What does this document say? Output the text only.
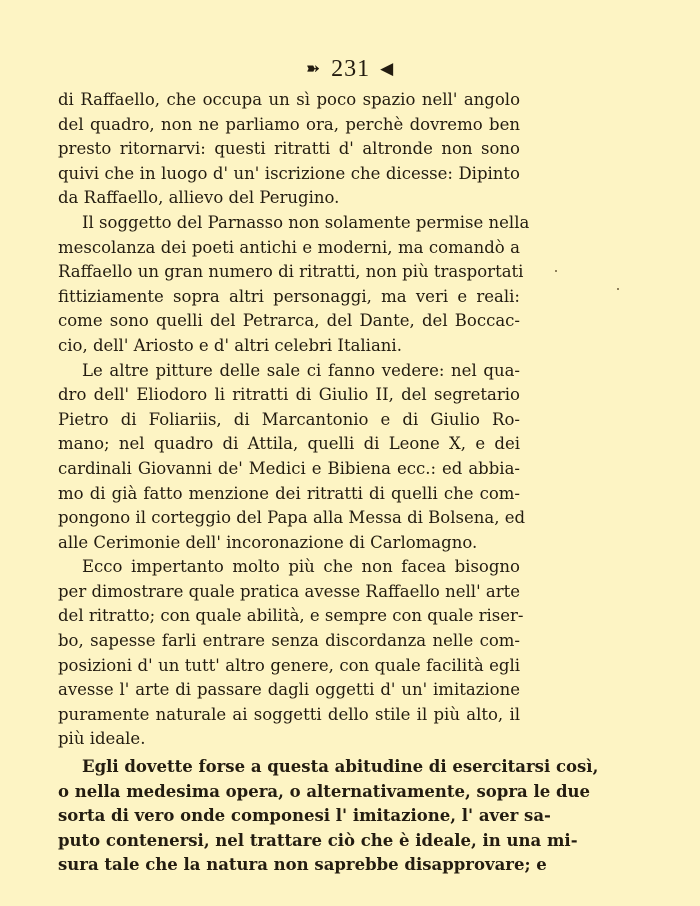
➽ 231 ◀
di Raffaello, che occupa un sì poco spazio nell' angolo
del quadro, non ne parliamo ora, perchè dovremo ben
presto ritornarvi: questi ritratti d' altronde non sono
quivi che in luogo d' un' iscrizione che dicesse: Dipinto
da Raffaello, allievo del Perugino.
Il soggetto del Parnasso non solamente permise nella
mescolanza dei poeti antichi e moderni, ma comandò a
Raffaello un gran numero di ritratti, non più trasportati
fittiziamente sopra altri personaggi, ma veri e reali:
come sono quelli del Petrarca, del Dante, del Boccac-
cio, dell' Ariosto e d' altri celebri Italiani.
Le altre pitture delle sale ci fanno vedere: nel qua-
dro dell' Eliodoro li ritratti di Giulio II, del segretario
Pietro di Foliariis, di Marcantonio e di Giulio Ro-
mano; nel quadro di Attila, quelli di Leone X, e dei
cardinali Giovanni de' Medici e Bibiena ecc.: ed abbia-
mo di già fatto menzione dei ritratti di quelli che com-
pongono il corteggio del Papa alla Messa di Bolsena, ed
alle Cerimonie dell' incoronazione di Carlomagno.
Ecco impertanto molto più che non facea bisogno
per dimostrare quale pratica avesse Raffaello nell' arte
del ritratto; con quale abilità, e sempre con quale riser-
bo, sapesse farli entrare senza discordanza nelle com-
posizioni d' un tutt' altro genere, con quale facilità egli
avesse l' arte di passare dagli oggetti d' un' imitazione
puramente naturale ai soggetti dello stile il più alto, il
più ideale.
Egli dovette forse a questa abitudine di esercitarsi così,
o nella medesima opera, o alternativamente, sopra le due
sorta di vero onde componesi l' imitazione, l' aver sa-
puto contenersi, nel trattare ciò che è ideale, in una mi-
sura tale che la natura non saprebbe disapprovare; e
